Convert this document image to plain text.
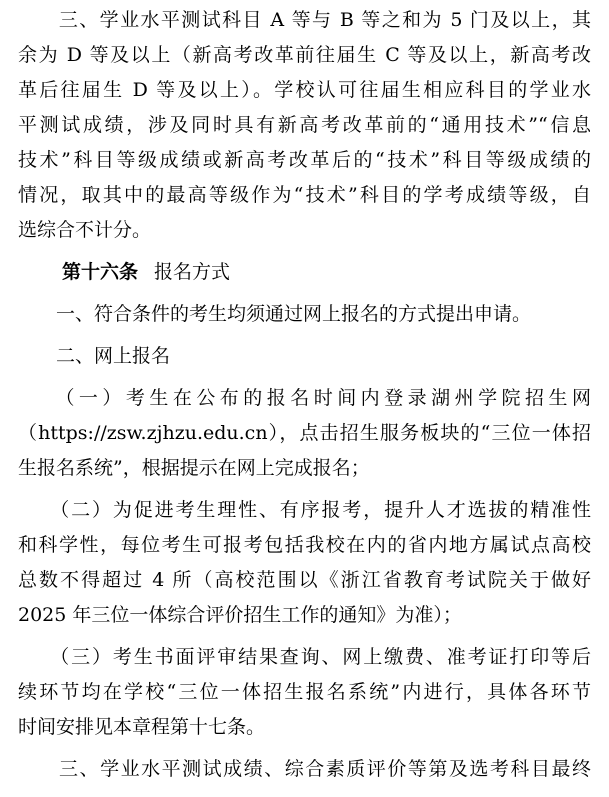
　　三、学业水平测试科目 A 等与 B 等之和为 5 门及以上，其
余为 D 等及以上（新高考改革前往届生 C 等及以上，新高考改
革后往届生 D 等及以上）。学校认可往届生相应科目的学业水
平测试成绩，涉及同时具有新高考改革前的“通用技术”“信息
技术”科目等级成绩或新高考改革后的“技术”科目等级成绩的
情况，取其中的最高等级作为“技术”科目的学考成绩等级，自
选综合不计分。
第十六条 报名方式
　　一、符合条件的考生均须通过网上报名的方式提出申请。
　　二、网上报名
　　（一）考生在公布的报名时间内登录湖州学院招生网
（https://zsw.zjhzu.edu.cn），点击招生服务板块的“三位一体招
生报名系统”，根据提示在网上完成报名；
　　（二）为促进考生理性、有序报考，提升人才选拔的精准性
和科学性，每位考生可报考包括我校在内的省内地方属试点高校
总数不得超过 4 所（高校范围以《浙江省教育考试院关于做好
2025 年三位一体综合评价招生工作的通知》为准）；
　　（三）考生书面评审结果查询、网上缴费、准考证打印等后
续环节均在学校“三位一体招生报名系统”内进行，具体各环节
时间安排见本章程第十七条。
　　三、学业水平测试成绩、综合素质评价等第及选考科目最终
